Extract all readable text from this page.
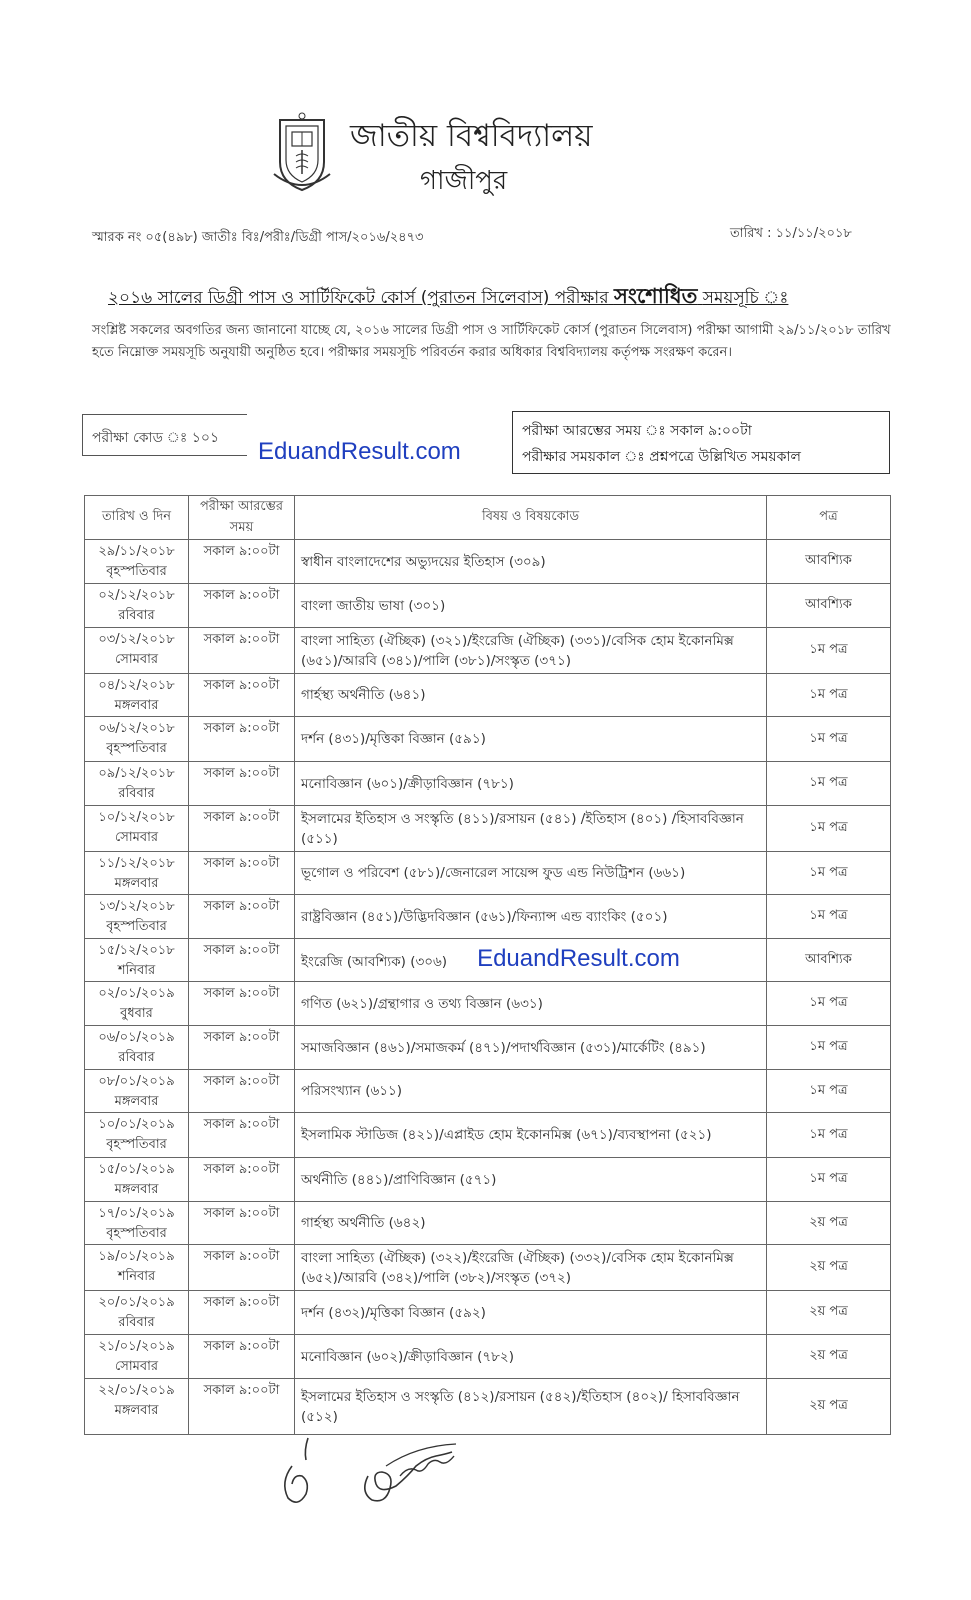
জাতীয় বিশ্ববিদ্যালয়
গাজীপুর
স্মারক নং ০৫(৪৯৮) জাতীঃ বিঃ/পরীঃ/ডিগ্রী পাস/২০১৬/২৪৭৩	তারিখ : ১১/১১/২০১৮
২০১৬ সালের ডিগ্রী পাস ও সার্টিফিকেট কোর্স (পুরাতন সিলেবাস) পরীক্ষার সংশোধিত সময়সূচি ঃ
সংশ্লিষ্ট সকলের অবগতির জন্য জানানো যাচ্ছে যে, ২০১৬ সালের ডিগ্রী পাস ও সার্টিফিকেট কোর্স (পুরাতন সিলেবাস) পরীক্ষা আগামী ২৯/১১/২০১৮ তারিখ হতে নিম্নোক্ত সময়সূচি অনুযায়ী অনুষ্ঠিত হবে। পরীক্ষার সময়সূচি পরিবর্তন করার অধিকার বিশ্ববিদ্যালয় কর্তৃপক্ষ সংরক্ষণ করেন।
পরীক্ষা কোড ঃ ১০১ EduandResult.com
পরীক্ষা আরম্ভের সময় ঃ সকাল ৯:০০টা
পরীক্ষার সময়কাল ঃ প্রশ্নপত্রে উল্লিখিত সময়কাল
তারিখ ও দিন	পরীক্ষা আরম্ভের সময়	বিষয় ও বিষয়কোড	পত্র

২৯/১১/২০১৮
বৃহস্পতিবার	সকাল ৯:০০টা	স্বাধীন বাংলাদেশের অভ্যুদয়ের ইতিহাস (৩০৯)	আবশ্যিক

০২/১২/২০১৮
রবিবার	সকাল ৯:০০টা	বাংলা জাতীয় ভাষা (৩০১)	আবশ্যিক

০৩/১২/২০১৮
সোমবার	সকাল ৯:০০টা	বাংলা সাহিত্য (ঐচ্ছিক) (৩২১)/ইংরেজি (ঐচ্ছিক) (৩৩১)/বেসিক হোম ইকোনমিক্স (৬৫১)/আরবি (৩৪১)/পালি (৩৮১)/সংস্কৃত (৩৭১)	১ম পত্র

০৪/১২/২০১৮
মঙ্গলবার	সকাল ৯:০০টা	গার্হস্থ্য অর্থনীতি (৬৪১)	১ম পত্র

০৬/১২/২০১৮
বৃহস্পতিবার	সকাল ৯:০০টা	দর্শন (৪৩১)/মৃত্তিকা বিজ্ঞান (৫৯১)	১ম পত্র

০৯/১২/২০১৮
রবিবার	সকাল ৯:০০টা	মনোবিজ্ঞান (৬০১)/ক্রীড়াবিজ্ঞান (৭৮১)	১ম পত্র

১০/১২/২০১৮
সোমবার	সকাল ৯:০০টা	ইসলামের ইতিহাস ও সংস্কৃতি (৪১১)/রসায়ন (৫৪১) /ইতিহাস (৪০১) /হিসাববিজ্ঞান (৫১১)	১ম পত্র

১১/১২/২০১৮
মঙ্গলবার	সকাল ৯:০০টা	ভূগোল ও পরিবেশ (৫৮১)/জেনারেল সায়েন্স ফুড এন্ড নিউট্রিশন (৬৬১)	১ম পত্র

১৩/১২/২০১৮
বৃহস্পতিবার	সকাল ৯:০০টা	রাষ্ট্রবিজ্ঞান (৪৫১)/উদ্ভিদবিজ্ঞান (৫৬১)/ফিন্যান্স এন্ড ব্যাংকিং (৫০১)	১ম পত্র

১৫/১২/২০১৮
শনিবার	সকাল ৯:০০টা	ইংরেজি (আবশ্যিক) (৩০৬) EduandResult.com	আবশ্যিক

০২/০১/২০১৯
বুধবার	সকাল ৯:০০টা	গণিত (৬২১)/গ্রন্থাগার ও তথ্য বিজ্ঞান (৬৩১)	১ম পত্র

০৬/০১/২০১৯
রবিবার	সকাল ৯:০০টা	সমাজবিজ্ঞান (৪৬১)/সমাজকর্ম (৪৭১)/পদার্থবিজ্ঞান (৫৩১)/মার্কেটিং (৪৯১)	১ম পত্র

০৮/০১/২০১৯
মঙ্গলবার	সকাল ৯:০০টা	পরিসংখ্যান (৬১১)	১ম পত্র

১০/০১/২০১৯
বৃহস্পতিবার	সকাল ৯:০০টা	ইসলামিক স্টাডিজ (৪২১)/এপ্লাইড হোম ইকোনমিক্স (৬৭১)/ব্যবস্থাপনা (৫২১)	১ম পত্র

১৫/০১/২০১৯
মঙ্গলবার	সকাল ৯:০০টা	অর্থনীতি (৪৪১)/প্রাণিবিজ্ঞান (৫৭১)	১ম পত্র

১৭/০১/২০১৯
বৃহস্পতিবার	সকাল ৯:০০টা	গার্হস্থ্য অর্থনীতি (৬৪২)	২য় পত্র

১৯/০১/২০১৯
শনিবার	সকাল ৯:০০টা	বাংলা সাহিত্য (ঐচ্ছিক) (৩২২)/ইংরেজি (ঐচ্ছিক) (৩৩২)/বেসিক হোম ইকোনমিক্স (৬৫২)/আরবি (৩৪২)/পালি (৩৮২)/সংস্কৃত (৩৭২)	২য় পত্র

২০/০১/২০১৯
রবিবার	সকাল ৯:০০টা	দর্শন (৪৩২)/মৃত্তিকা বিজ্ঞান (৫৯২)	২য় পত্র

২১/০১/২০১৯
সোমবার	সকাল ৯:০০টা	মনোবিজ্ঞান (৬০২)/ক্রীড়াবিজ্ঞান (৭৮২)	২য় পত্র

২২/০১/২০১৯
মঙ্গলবার	সকাল ৯:০০টা	ইসলামের ইতিহাস ও সংস্কৃতি (৪১২)/রসায়ন (৫৪২)/ইতিহাস (৪০২)/ হিসাববিজ্ঞান (৫১২)	২য় পত্র
